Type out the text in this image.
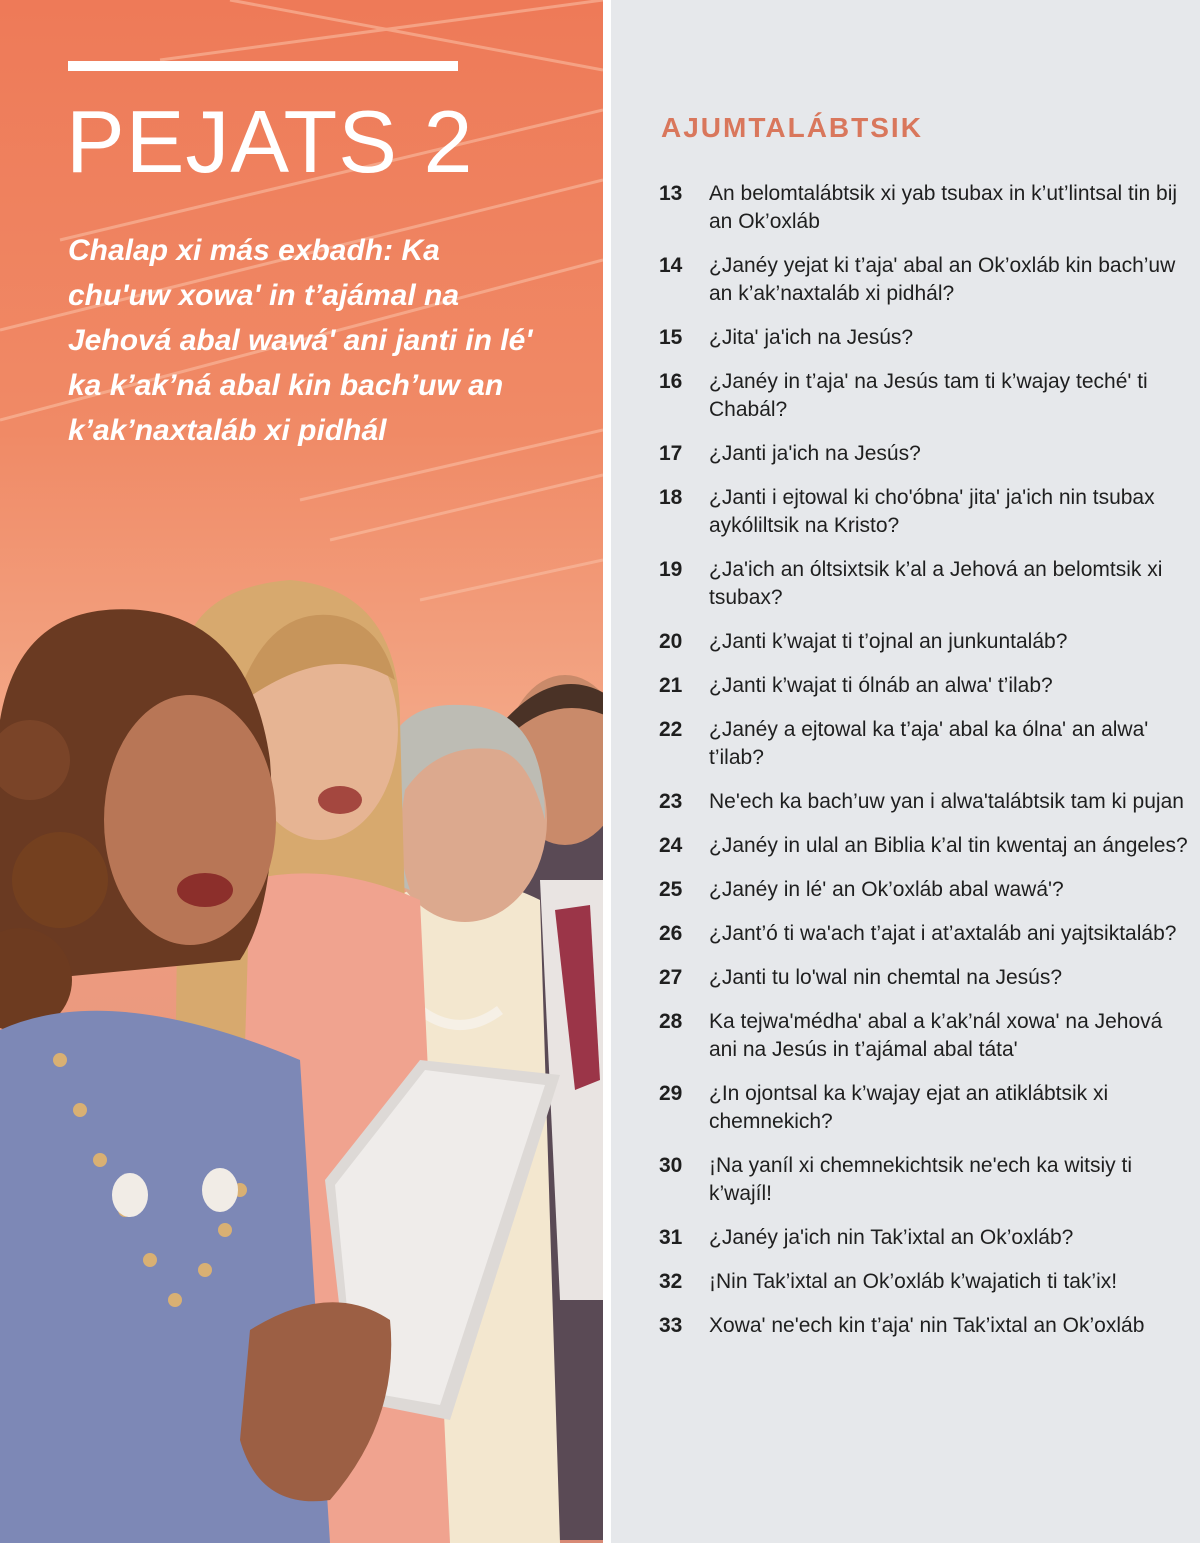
PEJATS 2

Chalap xi más exbadh: Ka chu'uw xowa' in t’ajámal na Jehová abal wawá' ani janti in lé' ka k’ak’ná abal kin bach’uw an k’ak’naxtaláb xi pidhál

AJUMTALÁBTSIK
13	An belomtalábtsik xi yab tsubax in k’ut’lintsal tin bij an Ok’oxláb
14	¿Janéy yejat ki t’aja' abal an Ok’oxláb kin bach’uw an k’ak’naxtaláb xi pidhál?
15	¿Jita' ja'ich na Jesús?
16	¿Janéy in t’aja' na Jesús tam ti k’wajay teché' ti Chabál?
17	¿Janti ja'ich na Jesús?
18	¿Janti i ejtowal ki cho'óbna' jita' ja'ich nin tsubax aykóliltsik na Kristo?
19	¿Ja'ich an óltsixtsik k’al a Jehová an belomtsik xi tsubax?
20	¿Janti k’wajat ti t’ojnal an junkuntaláb?
21	¿Janti k’wajat ti ólnáb an alwa' t’ilab?
22	¿Janéy a ejtowal ka t’aja' abal ka ólna' an alwa' t’ilab?
23	Ne'ech ka bach’uw yan i alwa'talábtsik tam ki pujan
24	¿Janéy in ulal an Biblia k’al tin kwentaj an ángeles?
25	¿Janéy in lé' an Ok’oxláb abal wawá'?
26	¿Jant’ó ti wa'ach t’ajat i at’axtaláb ani yajtsiktaláb?
27	¿Janti tu lo'wal nin chemtal na Jesús?
28	Ka tejwa'médha' abal a k’ak’nál xowa' na Jehová ani na Jesús in t’ajámal abal táta'
29	¿In ojontsal ka k’wajay ejat an atiklábtsik xi chemnekich?
30	¡Na yaníl xi chemnekichtsik ne'ech ka witsiy ti k’wajíl!
31	¿Janéy ja'ich nin Tak’ixtal an Ok’oxláb?
32	¡Nin Tak’ixtal an Ok’oxláb k’wajatich ti tak’ix!
33	Xowa' ne'ech kin t’aja' nin Tak’ixtal an Ok’oxláb
